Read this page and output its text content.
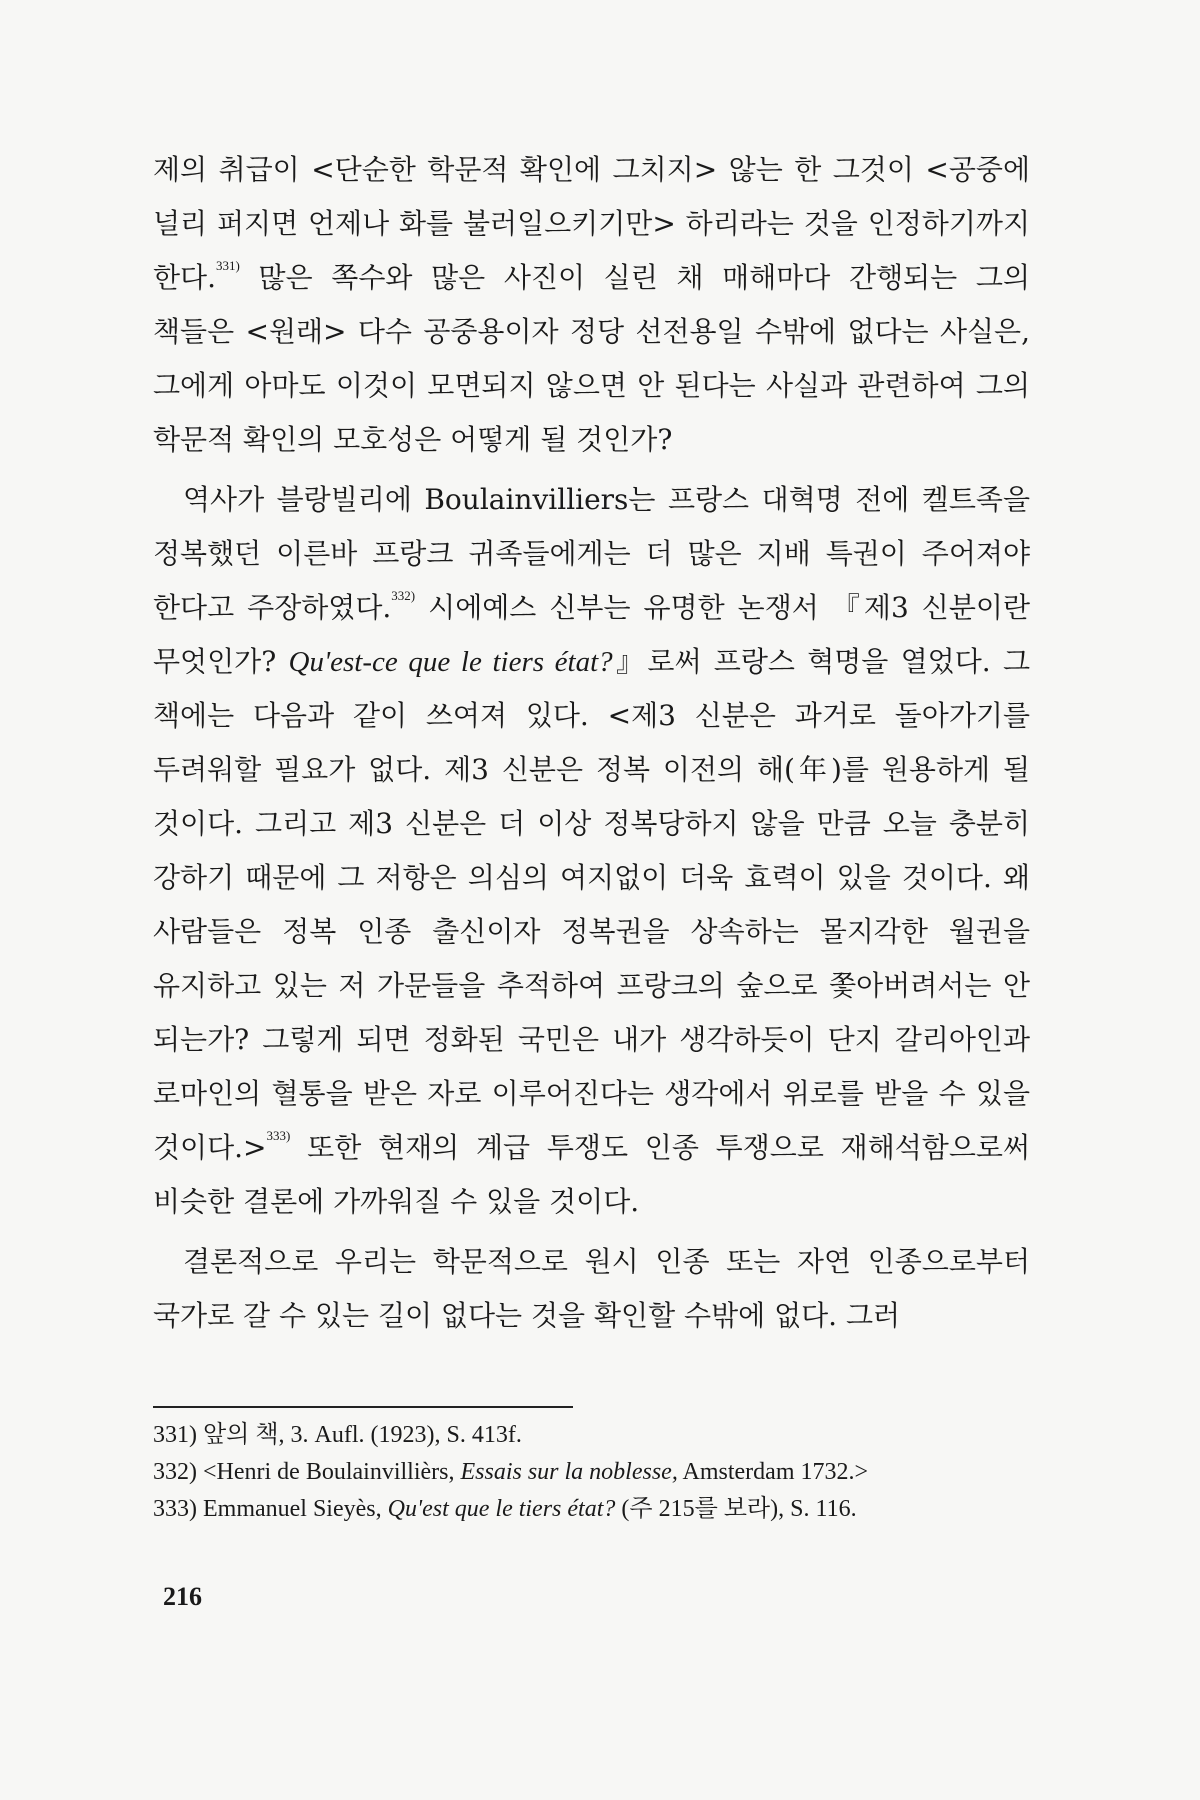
제의 취급이 <단순한 학문적 확인에 그치지> 않는 한 그것이 <공중에 널리 퍼지면 언제나 화를 불러일으키기만> 하리라는 것을 인정하기까지 한다.$^{331)}$ 많은 쪽수와 많은 사진이 실린 채 매해마다 간행되는 그의 책들은 <원래> 다수 공중용이자 정당 선전용일 수밖에 없다는 사실은, 그에게 아마도 이것이 모면되지 않으면 안 된다는 사실과 관련하여 그의 학문적 확인의 모호성은 어떻게 될 것인가?

역사가 블랑빌리에 Boulainvilliers는 프랑스 대혁명 전에 켈트족을 정복했던 이른바 프랑크 귀족들에게는 더 많은 지배 특권이 주어져야 한다고 주장하였다.$^{332)}$ 시에예스 신부는 유명한 논쟁서 『제3 신분이란 무엇인가? Qu'est-ce que le tiers état?』로써 프랑스 혁명을 열었다. 그 책에는 다음과 같이 쓰여져 있다. <제3 신분은 과거로 돌아가기를 두려워할 필요가 없다. 제3 신분은 정복 이전의 해(年)를 원용하게 될 것이다. 그리고 제3 신분은 더 이상 정복당하지 않을 만큼 오늘 충분히 강하기 때문에 그 저항은 의심의 여지없이 더욱 효력이 있을 것이다. 왜 사람들은 정복 인종 출신이자 정복권을 상속하는 몰지각한 월권을 유지하고 있는 저 가문들을 추적하여 프랑크의 숲으로 쫓아버려서는 안 되는가? 그렇게 되면 정화된 국민은 내가 생각하듯이 단지 갈리아인과 로마인의 혈통을 받은 자로 이루어진다는 생각에서 위로를 받을 수 있을 것이다.>$^{333)}$ 또한 현재의 계급 투쟁도 인종 투쟁으로 재해석함으로써 비슷한 결론에 가까워질 수 있을 것이다.

결론적으로 우리는 학문적으로 원시 인종 또는 자연 인종으로부터 국가로 갈 수 있는 길이 없다는 것을 확인할 수밖에 없다. 그러

331) 앞의 책, 3. Aufl. (1923), S. 413f.
332) <Henri de Boulainvillièrs, Essais sur la noblesse, Amsterdam 1732.>
333) Emmanuel Sieyès, Qu'est que le tiers état? (주 215를 보라), S. 116.
216
